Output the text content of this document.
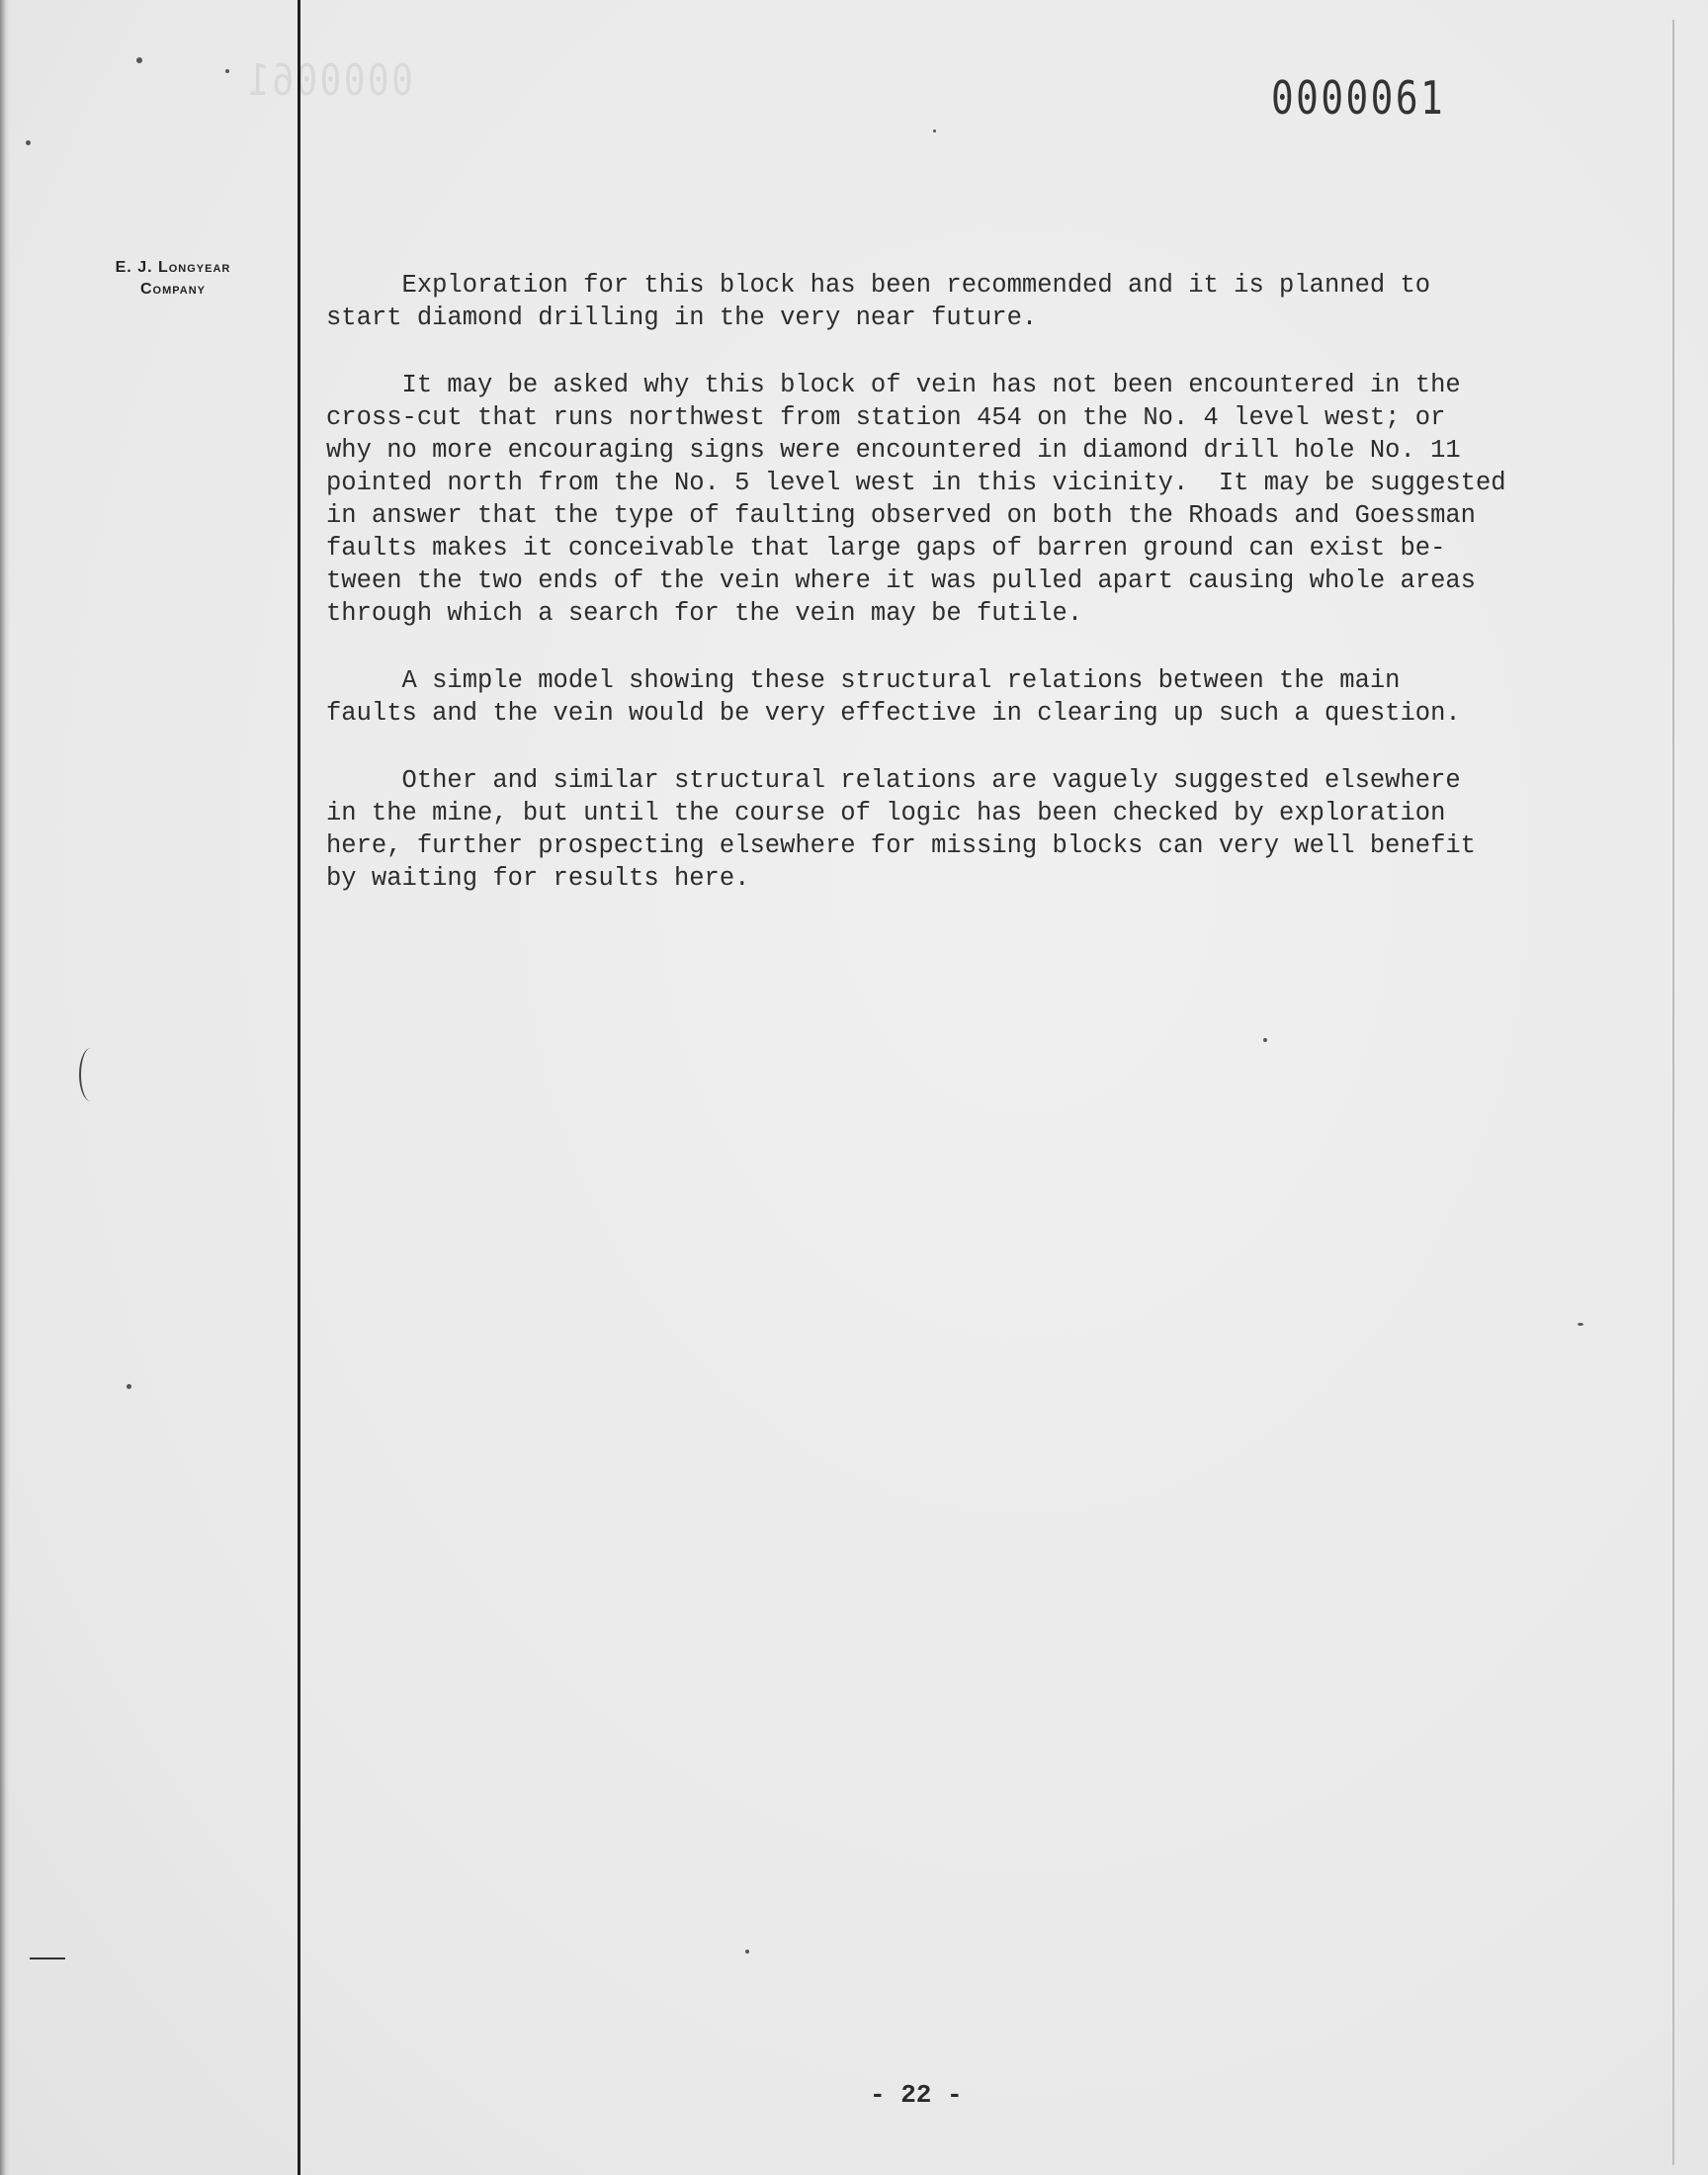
0000061
E. J. Longyear
Company
0000061
Exploration for this block has been recommended and it is planned to
start diamond drilling in the very near future.
It may be asked why this block of vein has not been encountered in the
cross-cut that runs northwest from station 454 on the No. 4 level west; or
why no more encouraging signs were encountered in diamond drill hole No. 11
pointed north from the No. 5 level west in this vicinity.  It may be suggested
in answer that the type of faulting observed on both the Rhoads and Goessman
faults makes it conceivable that large gaps of barren ground can exist be-
tween the two ends of the vein where it was pulled apart causing whole areas
through which a search for the vein may be futile.
A simple model showing these structural relations between the main
faults and the vein would be very effective in clearing up such a question.
Other and similar structural relations are vaguely suggested elsewhere
in the mine, but until the course of logic has been checked by exploration
here, further prospecting elsewhere for missing blocks can very well benefit
by waiting for results here.
- 22 -
